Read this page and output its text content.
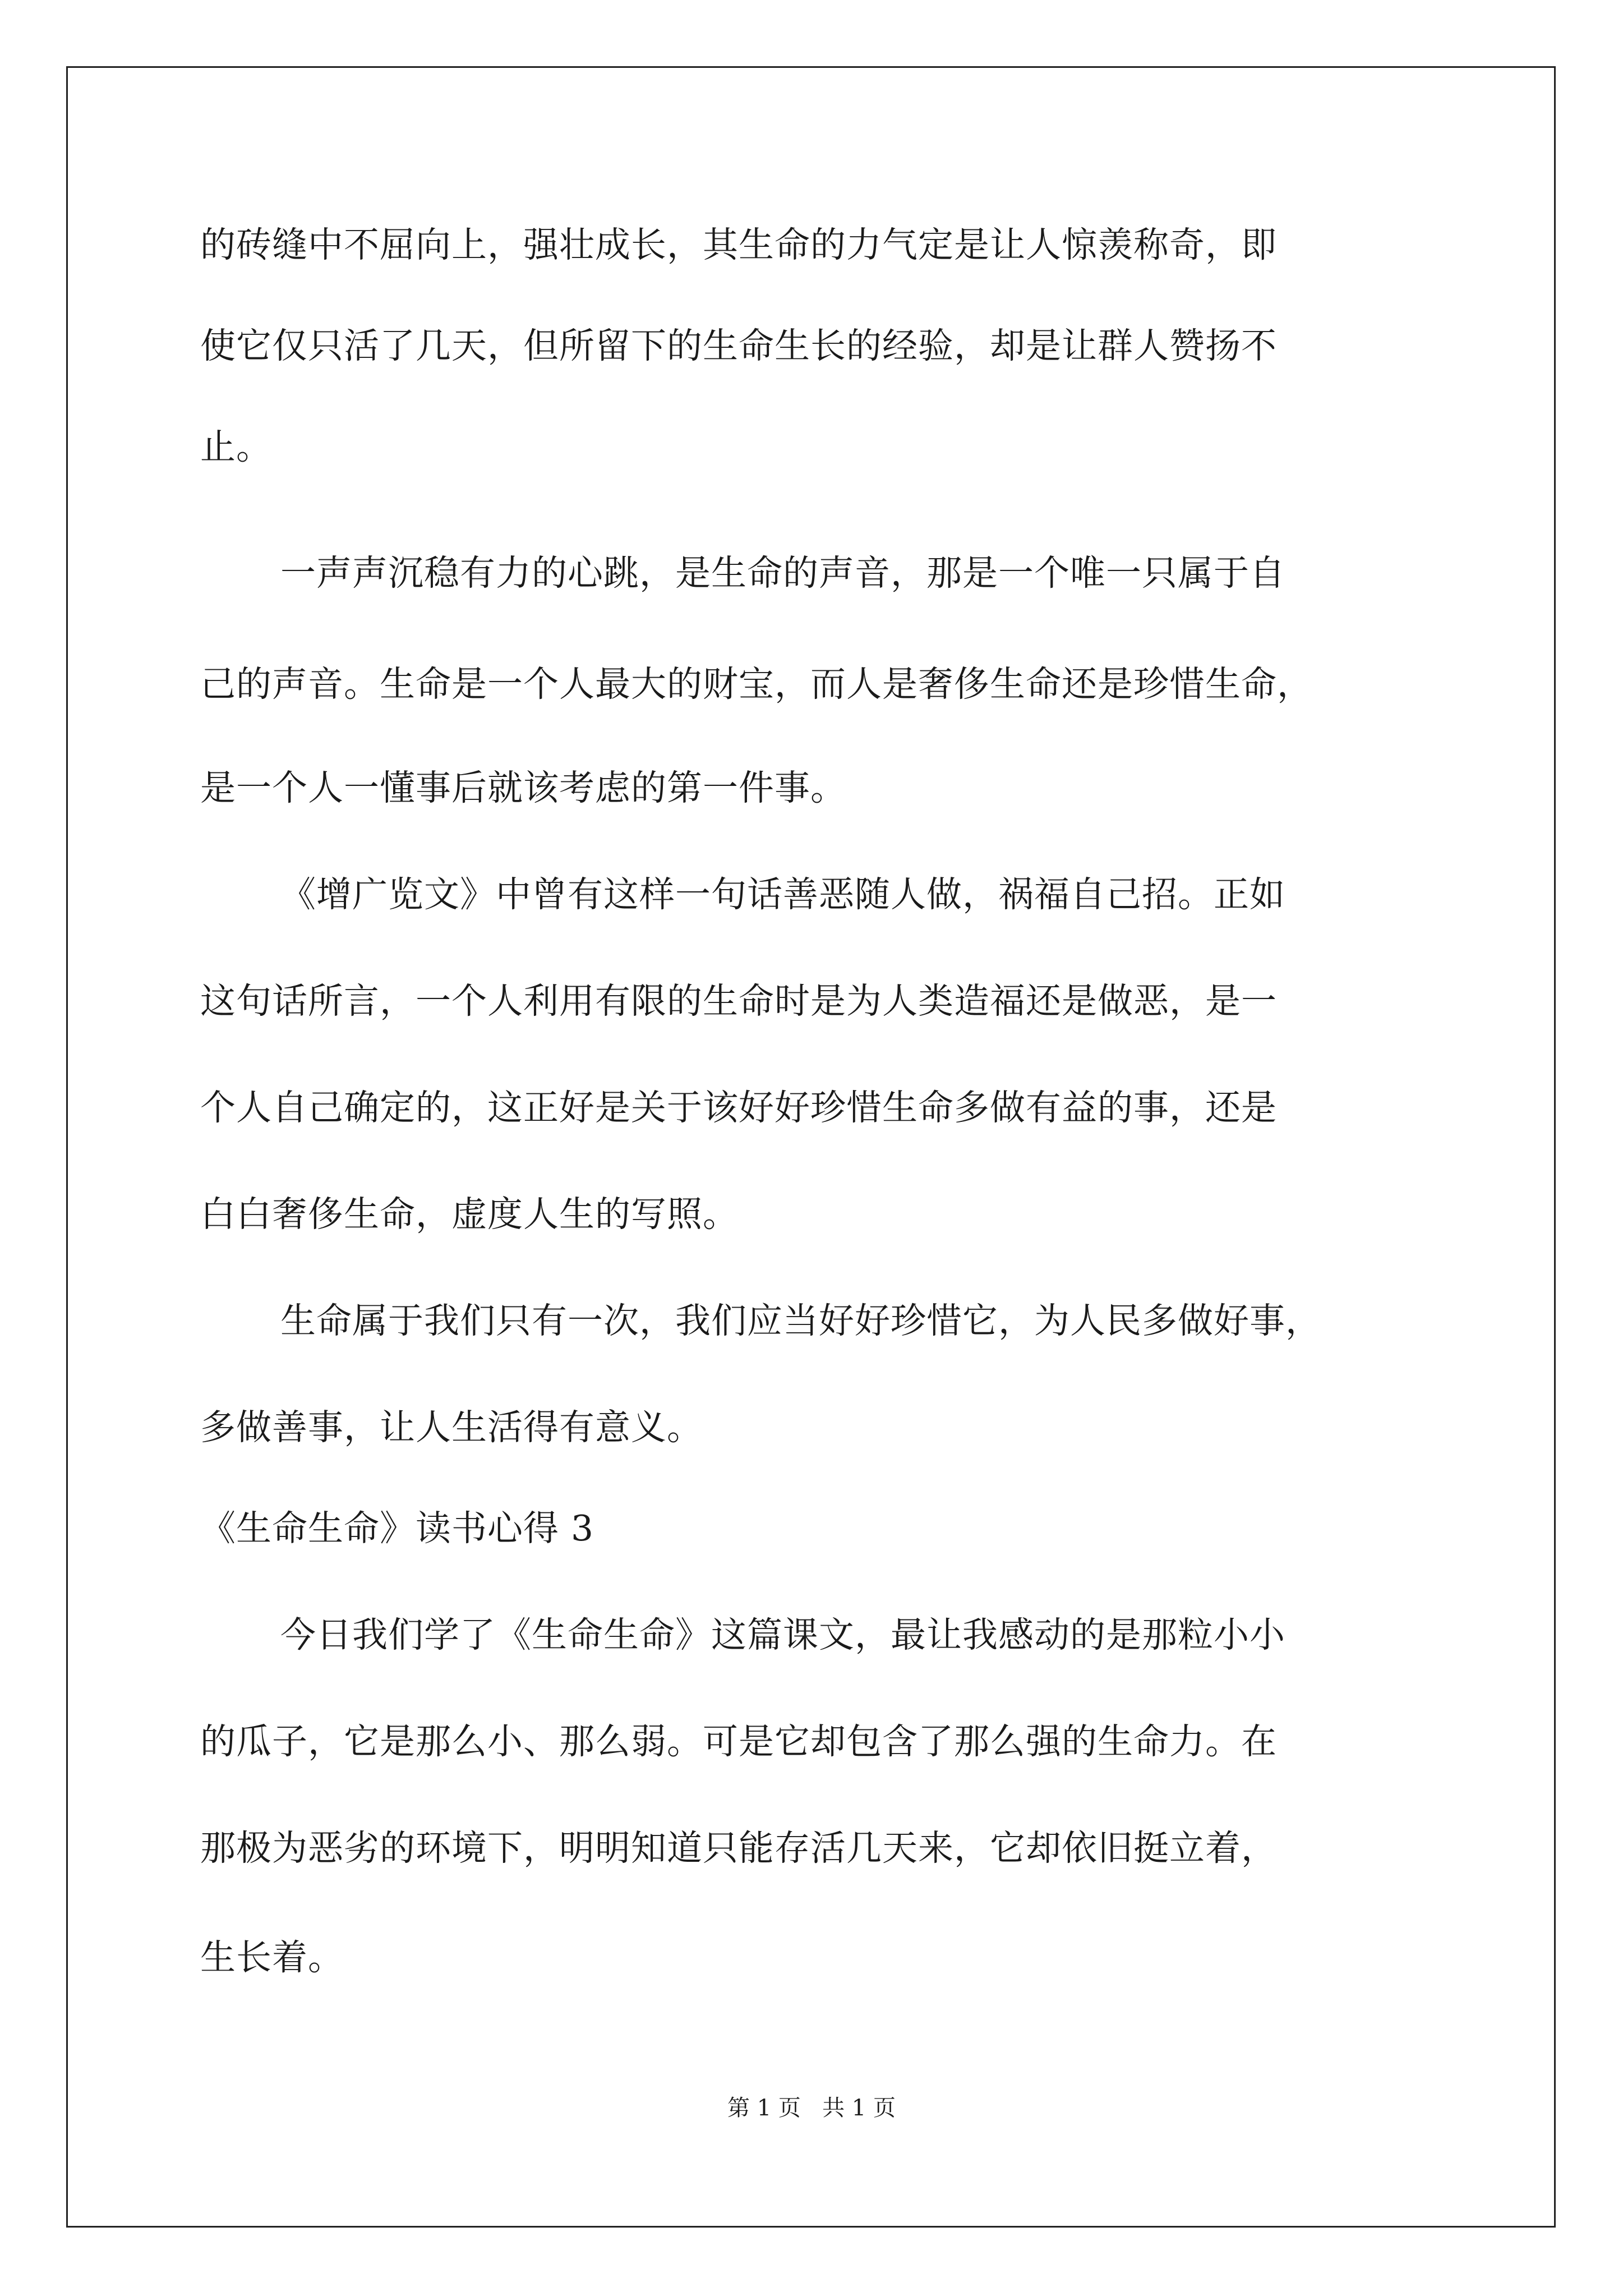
的砖缝中不屈向上，强壮成长，其生命的力气定是让人惊羡称奇，即
使它仅只活了几天，但所留下的生命生长的经验，却是让群人赞扬不
止。
一声声沉稳有力的心跳，是生命的声音，那是一个唯一只属于自
己的声音。生命是一个人最大的财宝，而人是奢侈生命还是珍惜生命，
是一个人一懂事后就该考虑的第一件事。
《增广览文》中曾有这样一句话善恶随人做，祸福自己招。正如
这句话所言，一个人利用有限的生命时是为人类造福还是做恶，是一
个人自己确定的，这正好是关于该好好珍惜生命多做有益的事，还是
白白奢侈生命，虚度人生的写照。
生命属于我们只有一次，我们应当好好珍惜它，为人民多做好事，
多做善事，让人生活得有意义。
《生命生命》读书心得 3
今日我们学了《生命生命》这篇课文，最让我感动的是那粒小小
的瓜子，它是那么小、那么弱。可是它却包含了那么强的生命力。在
那极为恶劣的环境下，明明知道只能存活几天来，它却依旧挺立着，
生长着。
第 1 页   共 1 页
